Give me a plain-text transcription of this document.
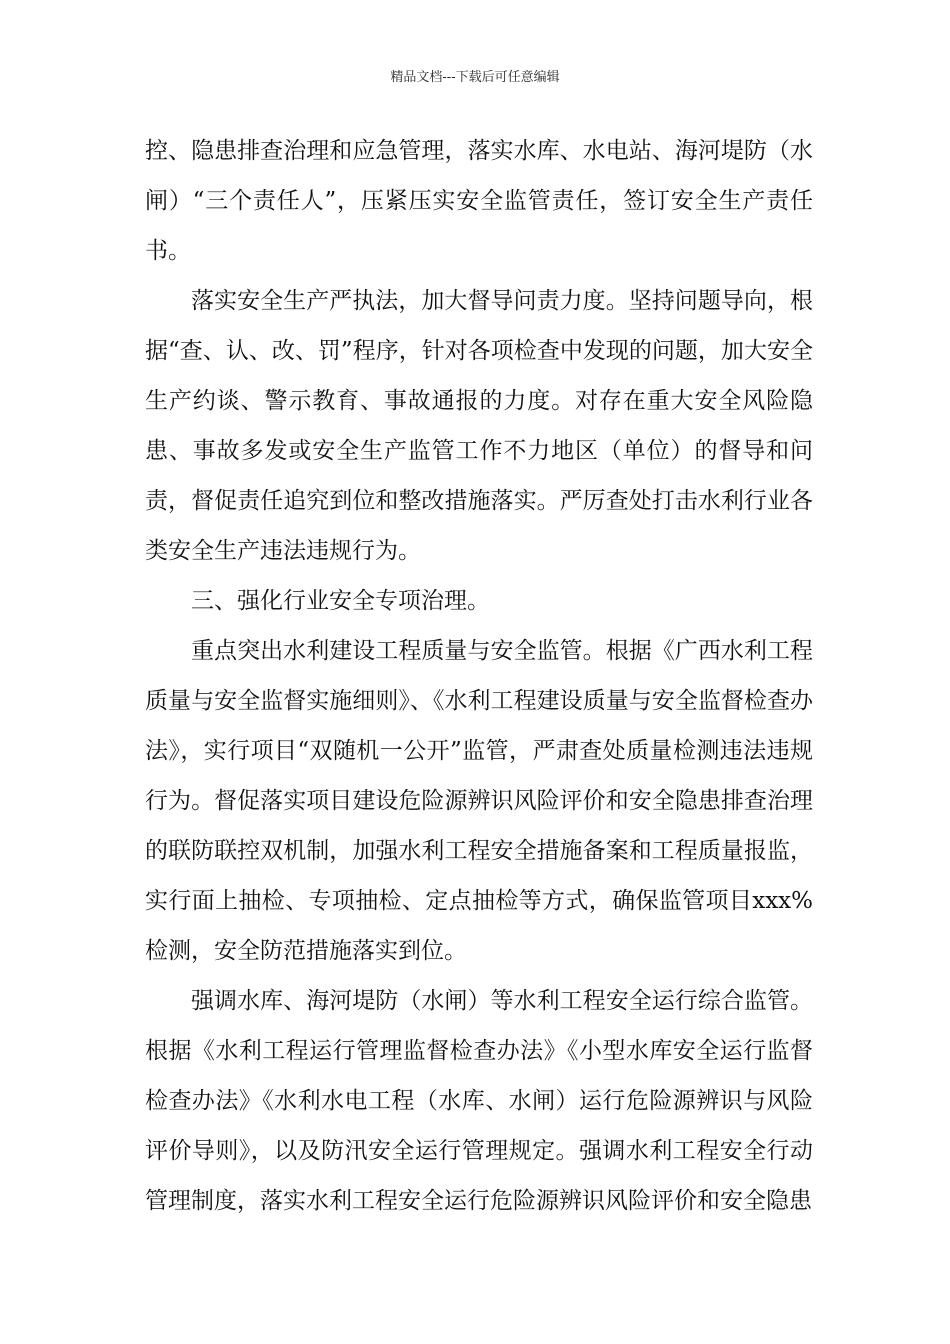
精品文档---下载后可任意编辑

控、隐患排查治理和应急管理，落实水库、水电站、海河堤防（水闸）“三个责任人”，压紧压实安全监管责任，签订安全生产责任书。

落实安全生产严执法，加大督导问责力度。坚持问题导向，根据“查、认、改、罚”程序，针对各项检查中发现的问题，加大安全生产约谈、警示教育、事故通报的力度。对存在重大安全风险隐患、事故多发或安全生产监管工作不力地区（单位）的督导和问责，督促责任追究到位和整改措施落实。严厉查处打击水利行业各类安全生产违法违规行为。

三、强化行业安全专项治理。

重点突出水利建设工程质量与安全监管。根据《广西水利工程质量与安全监督实施细则》、《水利工程建设质量与安全监督检查办法》，实行项目“双随机一公开”监管，严肃查处质量检测违法违规行为。督促落实项目建设危险源辨识风险评价和安全隐患排查治理的联防联控双机制，加强水利工程安全措施备案和工程质量报监，实行面上抽检、专项抽检、定点抽检等方式，确保监管项目xxx%检测，安全防范措施落实到位。

强调水库、海河堤防（水闸）等水利工程安全运行综合监管。根据《水利工程运行管理监督检查办法》《小型水库安全运行监督检查办法》《水利水电工程（水库、水闸）运行危险源辨识与风险评价导则》，以及防汛安全运行管理规定。强调水利工程安全行动管理制度，落实水利工程安全运行危险源辨识风险评价和安全隐患
